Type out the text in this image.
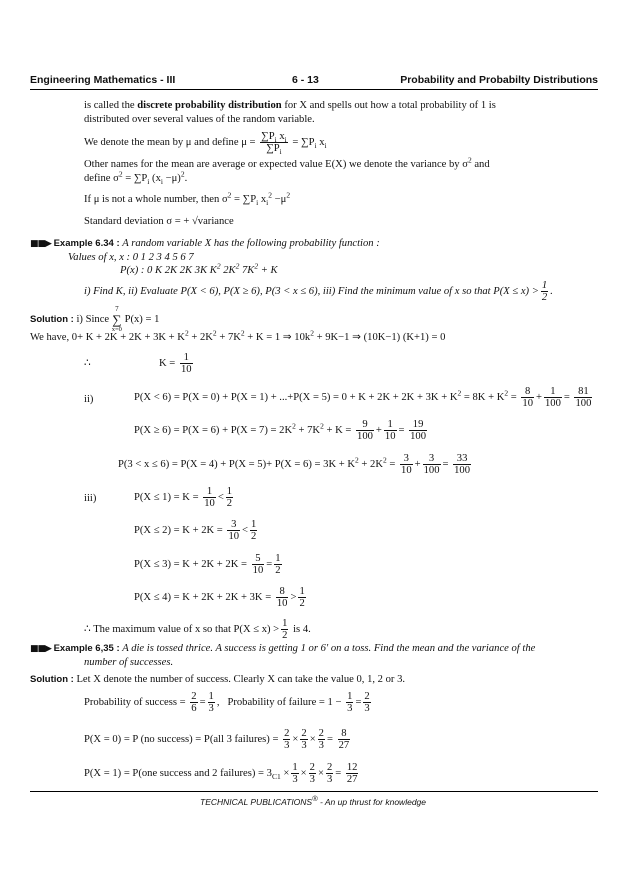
Engineering Mathematics - III	6 - 13	Probability and Probabilty Distributions
is called the discrete probability distribution for X and spells out how a total probability of 1 is
distributed over several values of the random variable.
We denote the mean by μ and define $\mu = \frac{\sum P_i x_i}{\sum P_i} = \sum P_i$ $x_i$
Other names for the mean are average or expected value E(X) we denote the variance by $\sigma^2$ and
define $\sigma^2 = \sum P_i$ $(x_i -\mu)^2$.
If μ is not a whole number, then $\sigma^2 = \sum P_i$ $x_i^2 -\mu^2$
Standard deviation σ = + √variance
■■▶ Example 6.34 : A random variable X has the following probability function :
Values of x, x : 0 1 2 3 4 5 6 7
P(x) : 0 K 2K 2K 3K $K^2$ $2K^2$ $7K^2 + K$
i) Find K, ii) Evaluate P(X < 6), P(X ≥ 6), P(3 < x ≤ 6), iii) Find the minimum value of x so that $P(X \le x) > \frac{1}{2}$ .
Solution : i) Since
7
∑
x=0
P(x) = 1
We have, $0+ K + 2K + 2K + 3K + K^2 + 2K^2 + 7K^2 + K = 1$ ⇒ $10k^2 + 9K-1$ ⇒ (10K−1) (K+1) = 0
∴	$K = \frac{1}{10}$
ii)	$P(X < 6) = P(X = 0) + P(X = 1) + ...+P(X = 5) = 0 + K + 2K + 2K + 3K + K^2 = 8K + K^2 = \frac{8}{10} + \frac{1}{100} = \frac{81}{100}$
$P(X \ge 6) = P(X = 6) + P(X = 7) = 2K^2 + 7K^2 + K = \frac{9}{100} + \frac{1}{10} = \frac{19}{100}$
$P(3 < x \le 6) = P(X = 4) + P(X = 5)+ P(X = 6) = 3K + K^2 + 2K^2 = \frac{3}{10} + \frac{3}{100} = \frac{33}{100}$
iii)	$P(X \le 1) = K = \frac{1}{10} < \frac{1}{2}$
$P(X \le 2) = K + 2K = \frac{3}{10} < \frac{1}{2}$
$P(X \le 3) = K + 2K + 2K = \frac{5}{10} = \frac{1}{2}$
$P(X \le 4) = K + 2K + 2K + 3K = \frac{8}{10} > \frac{1}{2}$
∴ The maximum value of x so that $P(X \le x) > \frac{1}{2}$ is 4.
■■▶ Example 6,35 : A die is tossed thrice. A success is getting 1 or 6′ on a toss. Find the mean and the variance of the
number of successes.
Solution : Let X denote the number of success. Clearly X can take the value 0, 1, 2 or 3.
Probability of success = $\frac{2}{6} = \frac{1}{3}$ ,   Probability of failure = $1 - \frac{1}{3} = \frac{2}{3}$
P(X = 0) = P (no success) = P(all 3 failures) = $\frac{2}{3} \times \frac{2}{3} \times \frac{2}{3} = \frac{8}{27}$
P(X = 1) = P(one success and 2 failures) = $3_{C1} \times \frac{1}{3} \times \frac{2}{3} \times \frac{2}{3} = \frac{12}{27}$
TECHNICAL PUBLICATIONS® - An up thrust for knowledge
